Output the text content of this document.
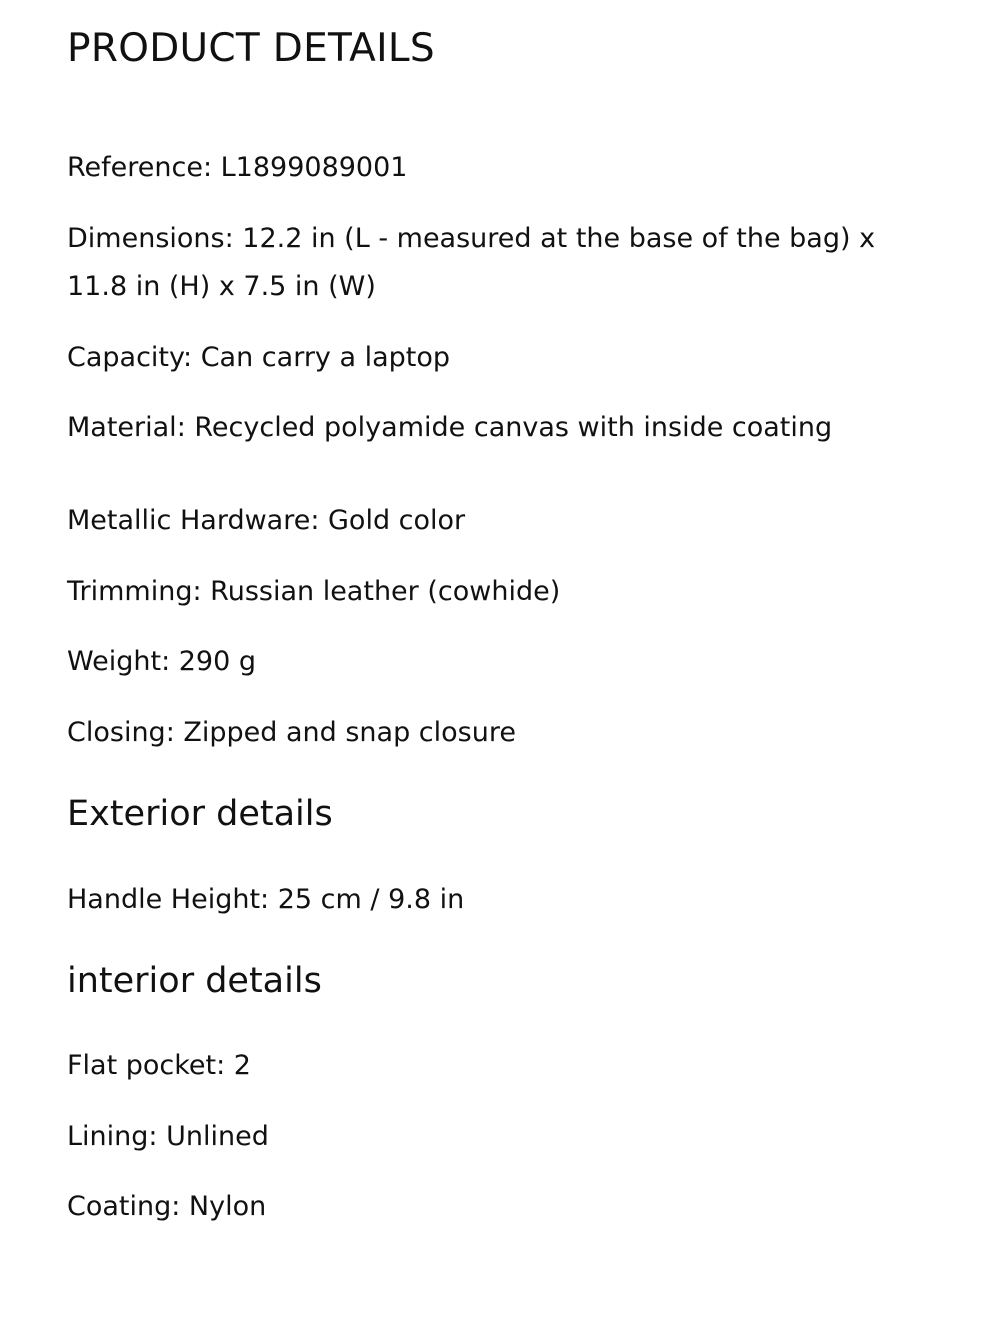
PRODUCT DETAILS

Reference: L1899089001

Dimensions: 12.2 in (L - measured at the base of the bag) x 11.8 in (H) x 7.5 in (W)

Capacity: Can carry a laptop

Material: Recycled polyamide canvas with inside coating

Metallic Hardware: Gold color

Trimming: Russian leather (cowhide)

Weight: 290 g

Closing: Zipped and snap closure

Exterior details

Handle Height: 25 cm / 9.8 in

interior details

Flat pocket: 2

Lining: Unlined

Coating: Nylon
